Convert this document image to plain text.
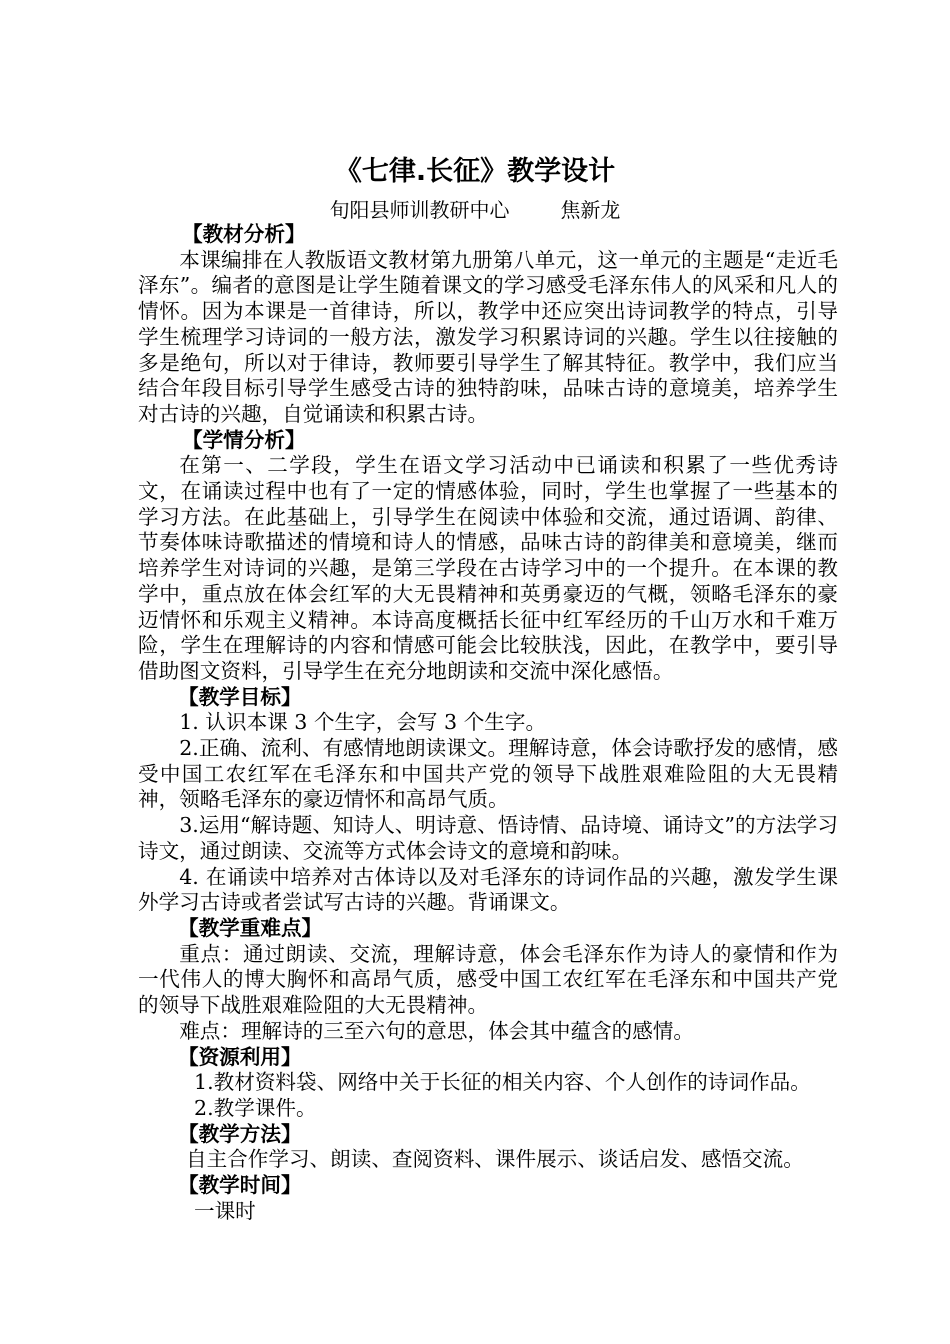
《七律.长征》教学设计
旬阳县师训教研中心        焦新龙
【教材分析】

本课编排在人教版语文教材第九册第八单元，这一单元的主题是“走近毛泽东”。编者的意图是让学生随着课文的学习感受毛泽东伟人的风采和凡人的情怀。因为本课是一首律诗，所以，教学中还应突出诗词教学的特点，引导学生梳理学习诗词的一般方法，激发学习积累诗词的兴趣。学生以往接触的多是绝句，所以对于律诗，教师要引导学生了解其特征。教学中，我们应当结合年段目标引导学生感受古诗的独特韵味，品味古诗的意境美，培养学生对古诗的兴趣，自觉诵读和积累古诗。

【学情分析】

在第一、二学段，学生在语文学习活动中已诵读和积累了一些优秀诗文，在诵读过程中也有了一定的情感体验，同时，学生也掌握了一些基本的学习方法。在此基础上，引导学生在阅读中体验和交流，通过语调、韵律、节奏体味诗歌描述的情境和诗人的情感，品味古诗的韵律美和意境美，继而培养学生对诗词的兴趣，是第三学段在古诗学习中的一个提升。在本课的教学中，重点放在体会红军的大无畏精神和英勇豪迈的气概，领略毛泽东的豪迈情怀和乐观主义精神。本诗高度概括长征中红军经历的千山万水和千难万险，学生在理解诗的内容和情感可能会比较肤浅，因此，在教学中，要引导借助图文资料，引导学生在充分地朗读和交流中深化感悟。

【教学目标】

1. 认识本课 3 个生字，会写 3 个生字。

2.正确、流利、有感情地朗读课文。理解诗意，体会诗歌抒发的感情，感受中国工农红军在毛泽东和中国共产党的领导下战胜艰难险阻的大无畏精神，领略毛泽东的豪迈情怀和高昂气质。

3.运用“解诗题、知诗人、明诗意、悟诗情、品诗境、诵诗文”的方法学习诗文，通过朗读、交流等方式体会诗文的意境和韵味。

4. 在诵读中培养对古体诗以及对毛泽东的诗词作品的兴趣，激发学生课外学习古诗或者尝试写古诗的兴趣。背诵课文。

【教学重难点】

重点：通过朗读、交流，理解诗意，体会毛泽东作为诗人的豪情和作为一代伟人的博大胸怀和高昂气质，感受中国工农红军在毛泽东和中国共产党的领导下战胜艰难险阻的大无畏精神。

难点：理解诗的三至六句的意思，体会其中蕴含的感情。

【资源利用】

1.教材资料袋、网络中关于长征的相关内容、个人创作的诗词作品。

2.教学课件。

【教学方法】

自主合作学习、朗读、查阅资料、课件展示、谈话启发、感悟交流。

【教学时间】

一课时
